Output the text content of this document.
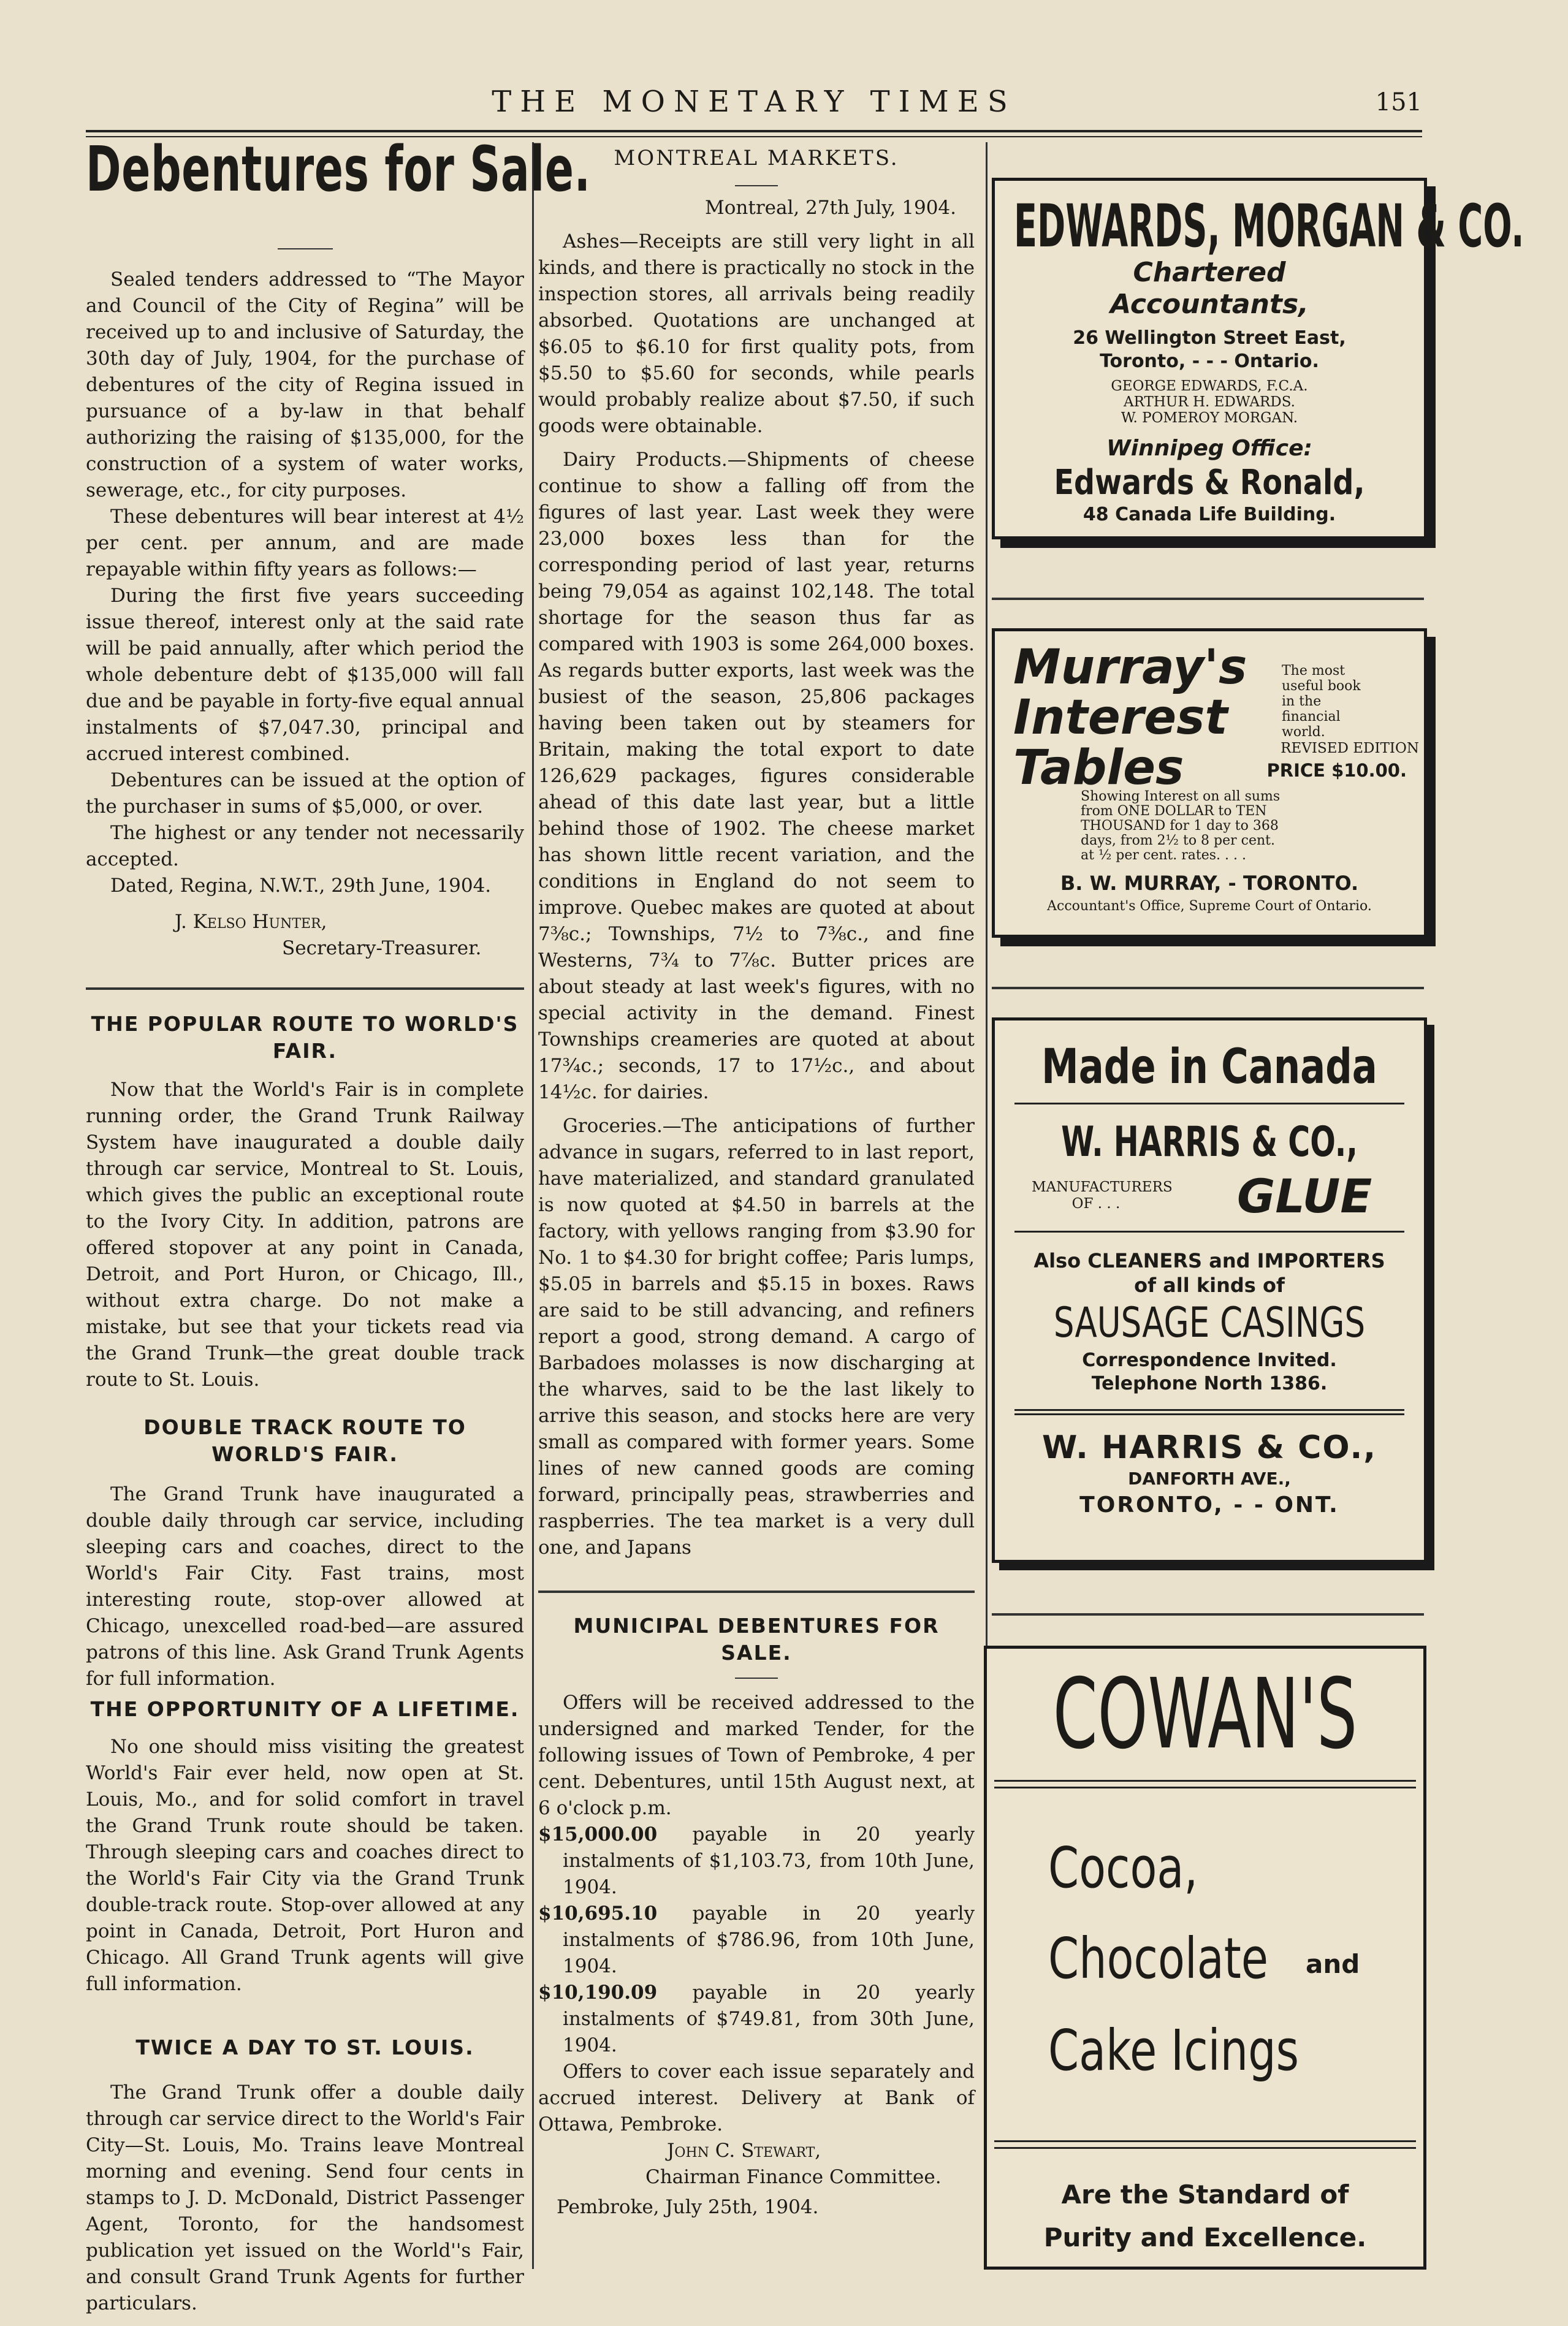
THE MONETARY TIMES	151
Debentures for Sale.

Sealed tenders addressed to “The Mayor and Council of the City of Regina” will be received up to and inclusive of Saturday, the 30th day of July, 1904, for the purchase of debentures of the city of Regina issued in pursuance of a by-law in that behalf authorizing the raising of $135,000, for the construction of a system of water works, sewerage, etc., for city purposes.

These debentures will bear interest at 4½ per cent. per annum, and are made repayable within fifty years as follows:—

During the first five years succeeding issue thereof, interest only at the said rate will be paid annually, after which period the whole debenture debt of $135,000 will fall due and be payable in forty-five equal annual instalments of $7,047.30, principal and accrued interest combined.

Debentures can be issued at the option of the purchaser in sums of $5,000, or over.

The highest or any tender not necessarily accepted.

Dated, Regina, N.W.T., 29th June, 1904.

J. Kelso Hunter,
Secretary-Treasurer.
THE POPULAR ROUTE TO WORLD'S FAIR.

Now that the World's Fair is in complete running order, the Grand Trunk Railway System have inaugurated a double daily through car service, Montreal to St. Louis, which gives the public an exceptional route to the Ivory City. In addition, patrons are offered stopover at any point in Canada, Detroit, and Port Huron, or Chicago, Ill., without extra charge. Do not make a mistake, but see that your tickets read via the Grand Trunk—the great double track route to St. Louis.

DOUBLE TRACK ROUTE TO WORLD'S FAIR.

The Grand Trunk have inaugurated a double daily through car service, including sleeping cars and coaches, direct to the World's Fair City. Fast trains, most interesting route, stop-over allowed at Chicago, unexcelled road-bed—are assured patrons of this line. Ask Grand Trunk Agents for full information.

THE OPPORTUNITY OF A LIFETIME.

No one should miss visiting the greatest World's Fair ever held, now open at St. Louis, Mo., and for solid comfort in travel the Grand Trunk route should be taken. Through sleeping cars and coaches direct to the World's Fair City via the Grand Trunk double-track route. Stop-over allowed at any point in Canada, Detroit, Port Huron and Chicago. All Grand Trunk agents will give full information.

TWICE A DAY TO ST. LOUIS.

The Grand Trunk offer a double daily through car service direct to the World's Fair City—St. Louis, Mo. Trains leave Montreal morning and evening. Send four cents in stamps to J. D. McDonald, District Passenger Agent, Toronto, for the handsomest publication yet issued on the World''s Fair, and consult Grand Trunk Agents for further particulars.

MONTREAL MARKETS.
Montreal, 27th July, 1904.

Ashes—Receipts are still very light in all kinds, and there is practically no stock in the inspection stores, all arrivals being readily absorbed. Quotations are unchanged at $6.05 to $6.10 for first quality pots, from $5.50 to $5.60 for seconds, while pearls would probably realize about $7.50, if such goods were obtainable.

Dairy Products.—Shipments of cheese continue to show a falling off from the figures of last year. Last week they were 23,000 boxes less than for the corresponding period of last year, returns being 79,054 as against 102,148. The total shortage for the season thus far as compared with 1903 is some 264,000 boxes. As regards butter exports, last week was the busiest of the season, 25,806 packages having been taken out by steamers for Britain, making the total export to date 126,629 packages, figures considerable ahead of this date last year, but a little behind those of 1902. The cheese market has shown little recent variation, and the conditions in England do not seem to improve. Quebec makes are quoted at about 7⅜c.; Townships, 7½ to 7⅜c., and fine Westerns, 7¾ to 7⅞c. Butter prices are about steady at last week's figures, with no special activity in the demand. Finest Townships creameries are quoted at about 17¾c.; seconds, 17 to 17½c., and about 14½c. for dairies.

Groceries.—The anticipations of further advance in sugars, referred to in last report, have materialized, and standard granulated is now quoted at $4.50 in barrels at the factory, with yellows ranging from $3.90 for No. 1 to $4.30 for bright coffee; Paris lumps, $5.05 in barrels and $5.15 in boxes. Raws are said to be still advancing, and refiners report a good, strong demand. A cargo of Barbadoes molasses is now discharging at the wharves, said to be the last likely to arrive this season, and stocks here are very small as compared with former years. Some lines of new canned goods are coming forward, principally peas, strawberries and raspberries. The tea market is a very dull one, and Japans

MUNICIPAL DEBENTURES FOR SALE.

Offers will be received addressed to the undersigned and marked Tender, for the following issues of Town of Pembroke, 4 per cent. Debentures, until 15th August next, at 6 o'clock p.m.

$15,000.00 payable in 20 yearly instalments of $1,103.73, from 10th June, 1904.

$10,695.10 payable in 20 yearly instalments of $786.96, from 10th June, 1904.

$10,190.09 payable in 20 yearly instalments of $749.81, from 30th June, 1904.

Offers to cover each issue separately and accrued interest. Delivery at Bank of Ottawa, Pembroke.

John C. Stewart,
Chairman Finance Committee.
Pembroke, July 25th, 1904.
EDWARDS, MORGAN & CO.
Chartered
Accountants,
26 Wellington Street East,
Toronto, - - - Ontario.
GEORGE EDWARDS, F.C.A.
ARTHUR H. EDWARDS.
W. POMEROY MORGAN.
Winnipeg Office:
Edwards & Ronald,
48 Canada Life Building.
Murray's
Interest
Tables
The most useful book in the financial world.
REVISED EDITION
PRICE $10.00.
Showing Interest on all sums from ONE DOLLAR to TEN THOUSAND for 1 day to 368 days, from 2½ to 8 per cent. at ½ per cent. rates. . . .
B. W. MURRAY, - TORONTO.
Accountant's Office, Supreme Court of Ontario.
Made in Canada
W. HARRIS & CO.,
MANUFACTURERS OF . . .	GLUE
Also CLEANERS and IMPORTERS of all kinds of
SAUSAGE CASINGS
Correspondence Invited.
Telephone North 1386.
W. HARRIS & CO.,
DANFORTH AVE.,
TORONTO, - - ONT.
COWAN'S
Cocoa,
Chocolate and
Cake Icings
Are the Standard of
Purity and Excellence.
